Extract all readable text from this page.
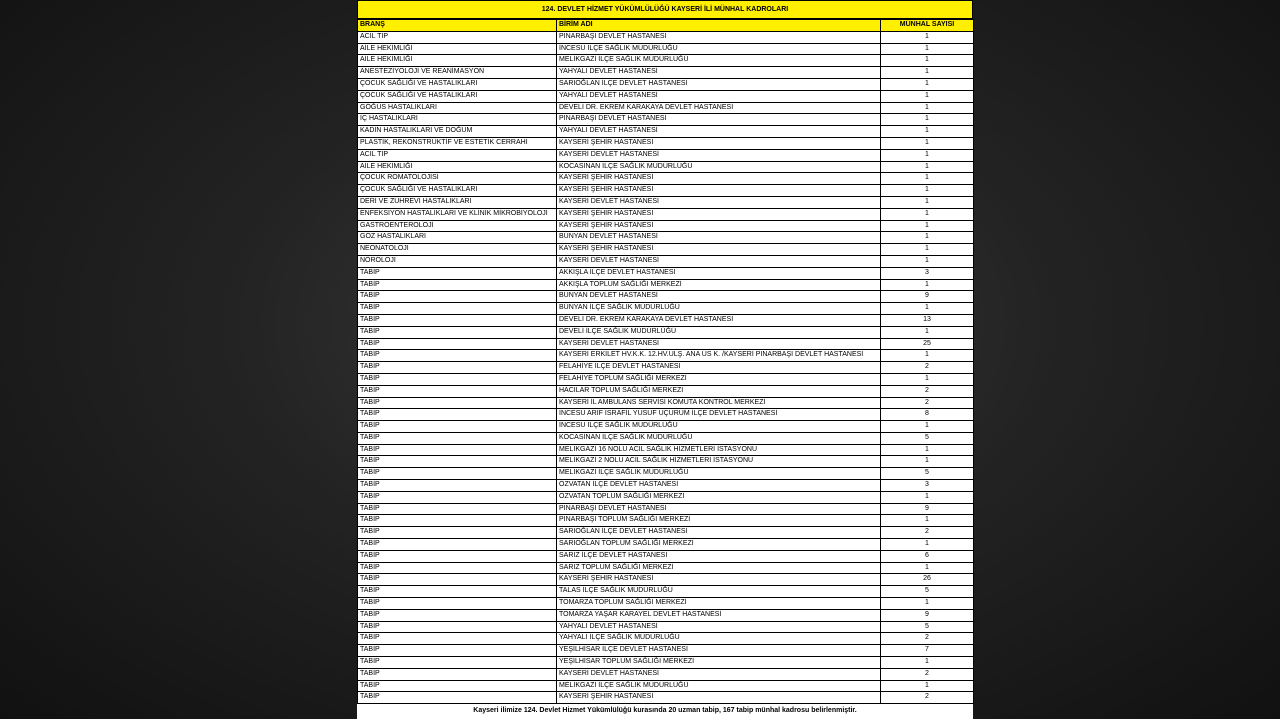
124. DEVLET HİZMET YÜKÜMLÜLÜĞÜ KAYSERİ İLİ MÜNHAL KADROLARI
BRANŞ	BİRİM ADI	MÜNHAL SAYISI
ACİL TIP	PINARBAŞI DEVLET HASTANESİ	1
AİLE HEKİMLİĞİ	İNCESU İLÇE SAĞLIK MÜDÜRLÜĞÜ	1
AİLE HEKİMLİĞİ	MELİKGAZİ İLÇE SAĞLIK MÜDÜRLÜĞÜ	1
ANESTEZİYOLOJİ VE REANİMASYON	YAHYALI DEVLET HASTANESİ	1
ÇOCUK SAĞLIĞI VE HASTALIKLARI	SARIOĞLAN İLÇE DEVLET HASTANESİ	1
ÇOCUK SAĞLIĞI VE HASTALIKLARI	YAHYALI DEVLET HASTANESİ	1
GÖĞÜS HASTALIKLARI	DEVELİ DR. EKREM KARAKAYA DEVLET HASTANESİ	1
İÇ HASTALIKLARI	PINARBAŞI DEVLET HASTANESİ	1
KADIN HASTALIKLARI VE DOĞUM	YAHYALI DEVLET HASTANESİ	1
PLASTİK, REKONSTRÜKTİF VE ESTETİK CERRAHİ	KAYSERİ ŞEHİR HASTANESİ	1
ACİL TIP	KAYSERİ DEVLET HASTANESİ	1
AİLE HEKİMLİĞİ	KOCASİNAN İLÇE SAĞLIK MÜDÜRLÜĞÜ	1
ÇOCUK ROMATOLOJİSİ	KAYSERİ ŞEHİR HASTANESİ	1
ÇOCUK SAĞLIĞI VE HASTALIKLARI	KAYSERİ ŞEHİR HASTANESİ	1
DERİ VE ZÜHREVİ HASTALIKLARI	KAYSERİ DEVLET HASTANESİ	1
ENFEKSİYON HASTALIKLARI VE KLİNİK MİKROBİYOLOJİ	KAYSERİ ŞEHİR HASTANESİ	1
GASTROENTEROLOJİ	KAYSERİ ŞEHİR HASTANESİ	1
GÖZ HASTALIKLARI	BÜNYAN DEVLET HASTANESİ	1
NEONATOLOJİ	KAYSERİ ŞEHİR HASTANESİ	1
NÖROLOJİ	KAYSERİ DEVLET HASTANESİ	1
TABİP	AKKIŞLA İLÇE DEVLET HASTANESİ	3
TABİP	AKKIŞLA TOPLUM SAĞLIĞI MERKEZİ	1
TABİP	BÜNYAN DEVLET HASTANESİ	9
TABİP	BÜNYAN İLÇE SAĞLIK MÜDÜRLÜĞÜ	1
TABİP	DEVELİ DR. EKREM KARAKAYA DEVLET HASTANESİ	13
TABİP	DEVELİ İLÇE SAĞLIK MÜDÜRLÜĞÜ	1
TABİP	KAYSERİ DEVLET HASTANESİ	25
TABİP	KAYSERİ ERKİLET HV.K.K. 12.HV.ULŞ. ANA ÜS K. /KAYSERİ PINARBAŞI DEVLET HASTANESİ	1
TABİP	FELAHİYE İLÇE DEVLET HASTANESİ	2
TABİP	FELAHİYE TOPLUM SAĞLIĞI MERKEZİ	1
TABİP	HACILAR TOPLUM SAĞLIĞI MERKEZİ	2
TABİP	KAYSERİ İL AMBULANS SERVİSİ KOMUTA KONTROL MERKEZİ	2
TABİP	İNCESU ARİF İSRAFİL YUSUF UÇURUM İLÇE DEVLET HASTANESİ	8
TABİP	İNCESU İLÇE SAĞLIK MÜDÜRLÜĞÜ	1
TABİP	KOCASİNAN İLÇE SAĞLIK MÜDÜRLÜĞÜ	5
TABİP	MELİKGAZİ 16 NOLU ACİL SAĞLIK HİZMETLERİ İSTASYONU	1
TABİP	MELİKGAZİ 2 NOLU ACİL SAĞLIK HİZMETLERİ İSTASYONU	1
TABİP	MELİKGAZİ İLÇE SAĞLIK MÜDÜRLÜĞÜ	5
TABİP	ÖZVATAN İLÇE DEVLET HASTANESİ	3
TABİP	ÖZVATAN TOPLUM SAĞLIĞI MERKEZİ	1
TABİP	PINARBAŞI DEVLET HASTANESİ	9
TABİP	PINARBAŞI TOPLUM SAĞLIĞI MERKEZİ	1
TABİP	SARIOĞLAN İLÇE DEVLET HASTANESİ	2
TABİP	SARIOĞLAN TOPLUM SAĞLIĞI MERKEZİ	1
TABİP	SARIZ İLÇE DEVLET HASTANESİ	6
TABİP	SARIZ TOPLUM SAĞLIĞI MERKEZİ	1
TABİP	KAYSERİ ŞEHİR HASTANESİ	26
TABİP	TALAS İLÇE SAĞLIK MÜDÜRLÜĞÜ	5
TABİP	TOMARZA TOPLUM SAĞLIĞI MERKEZİ	1
TABİP	TOMARZA YAŞAR KARAYEL DEVLET HASTANESİ	9
TABİP	YAHYALI DEVLET HASTANESİ	5
TABİP	YAHYALI İLÇE SAĞLIK MÜDÜRLÜĞÜ	2
TABİP	YEŞİLHİSAR İLÇE DEVLET HASTANESİ	7
TABİP	YEŞİLHİSAR TOPLUM SAĞLIĞI MERKEZİ	1
TABİP	KAYSERİ DEVLET HASTANESİ	2
TABİP	MELİKGAZİ İLÇE SAĞLIK MÜDÜRLÜĞÜ	1
TABİP	KAYSERİ ŞEHİR HASTANESİ	2
Kayseri ilimize 124. Devlet Hizmet Yükümlülüğü kurasında 20 uzman tabip, 167 tabip münhal kadrosu belirlenmiştir.
